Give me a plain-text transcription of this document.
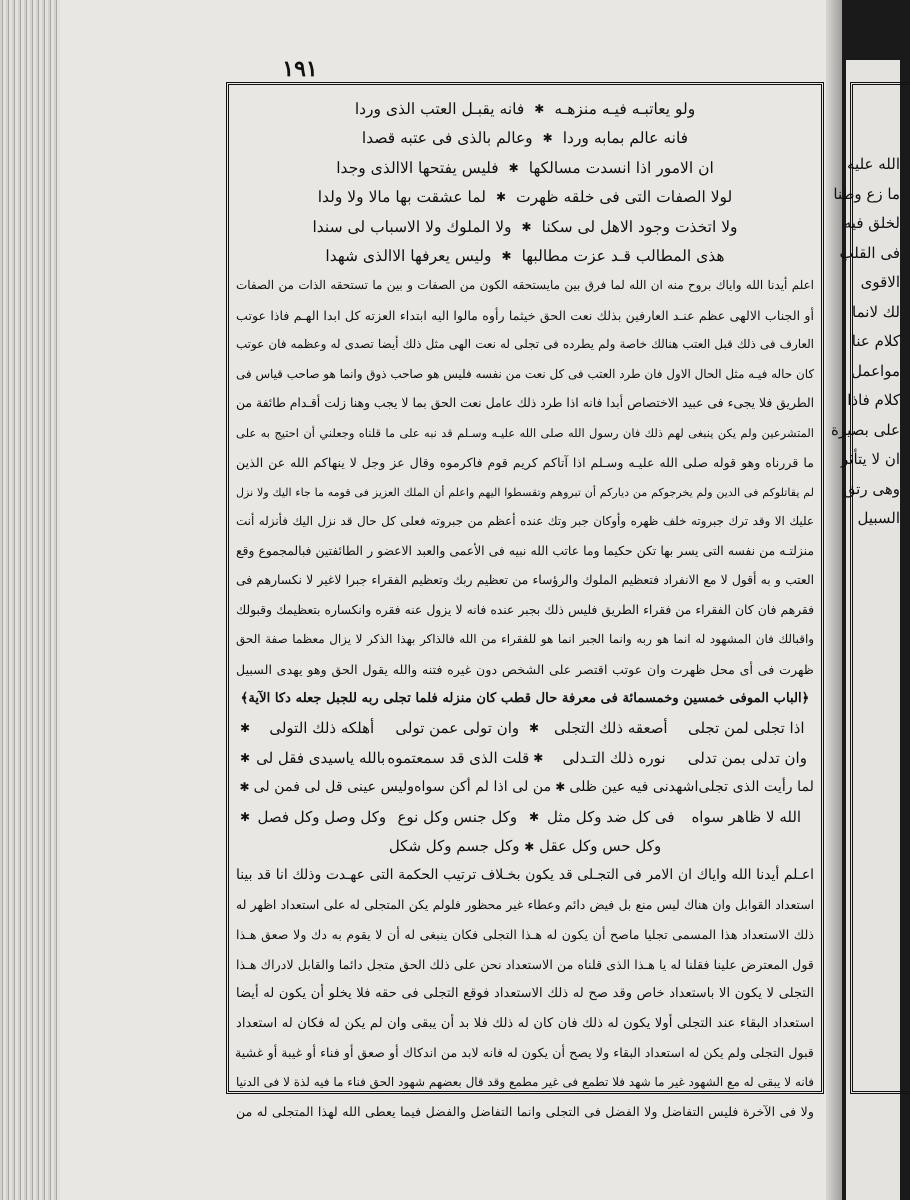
١٩١
ولو يعاتبـه فيـه منزهـه
✱
فانه يقبـل العتب الذى وردا
فانه عالم بمابه وردا
✱
وعالم بالذى فى عتبه قصدا
ان الامور اذا انسدت مسالكها
✱
فليس يفتحها الاالذى وجدا
لولا الصفات التى فى خلقه ظهرت
✱
لما عشقت بها مالا ولا ولدا
ولا اتخذت وجود الاهل لى سكنا
✱
ولا الملوك ولا الاسباب لى سندا
هذى المطالب قـد عزت مطالبها
✱
وليس يعرفها الاالذى شهدا
اعلم أيدنا الله واياك بروح منه ان الله لما فرق بين مايستحقه الكون من الصفات و بين ما تستحقه الذات من الصفات
أو الجناب الالهى عظم عنـد العارفين بذلك نعت الحق خيثما رأوه مالوا اليه ابتداء العزته كل ابدا الهـم فاذا عوتب
العارف فى ذلك قبل العتب هنالك خاصة ولم يطرده فى تجلى له نعت الهى مثل ذلك أيضا تصدى له وعظمه فان عوتب
كان حاله فيـه مثل الحال الاول فان طرد العتب فى كل نعت من نفسه فليس هو صاحب ذوق وانما هو صاحب قياس فى
الطريق فلا يجىء فى عبيد الاختصاص أبدا فانه اذا طرد ذلك عامل نعت الحق بما لا يجب وهنا زلت أقـدام طائفة من
المتشرعين ولم يكن ينبغى لهم ذلك فان رسول الله صلى الله عليـه وسـلم قد نبه على ما قلناه وجعلني أن احتيج به على
ما قررناه وهو قوله صلى الله عليـه وسـلم اذا آتاكم كريم قوم فاكرموه وقال عز وجل لا ينهاكم الله عن الذين
لم يقاتلوكم فى الدين ولم يخرجوكم من دياركم أن تبروهم وتقسطوا اليهم واعلم أن الملك العزيز فى قومه ما جاء اليك ولا نزل
عليك الا وقد ترك جبروته خلف ظهره وأوكان جبر وتك عنده أعظم من جبروته فعلى كل حال قد نزل اليك فأنزله أنت
منزلتـه من نفسه التى يسر بها تكن حكيما وما عاتب الله نبيه فى الأعمى والعبد الاعضو ر الطائفتين فبالمجموع وقع
العتب و به أقول لا مع الانفراد فتعظيم الملوك والرؤساء من تعظيم ربك وتعظيم الفقراء جبرا لاغير لا نكسارهم فى
فقرهم فان كان الفقراء من فقراء الطريق فليس ذلك بجبر عنده فانه لا يزول عنه فقره وانكساره بتعظيمك وقبولك
واقبالك فان المشهود له انما هو ربه وانما الجبر انما هو للفقراء من الله فالذاكر بهذا الذكر لا يزال معظما صفة الحق
ظهرت فى أى محل ظهرت وان عوتب اقتصر على الشخص دون غيره فتنه والله يقول الحق وهو يهدى السبيل
﴿الباب الموفى خمسين وخمسمائة فى معرفة حال قطب كان منزله فلما تجلى ربه للجبل جعله دكا الآية﴾
اذا تجلى لمن تجلى
أصعقه ذلك التجلى
✱
وان تولى عمن تولى
أهلكه ذلك التولى
✱
وان تدلى بمن تدلى
نوره ذلك التـدلى
✱
قلت الذى قد سمعتموه
بالله ياسيدى فقل لى
✱
لما رأيت الذى تجلى
اشهدنى فيه عين ظلى
✱
من لى اذا لم أكن سواه
وليس عينى قل لى فمن لى
✱
الله لا ظاهر سواه
فى كل ضد وكل مثل
✱
وكل جنس وكل نوع
وكل وصل وكل فصل
✱
وكل حس وكل عقل ✱ وكل جسم وكل شكل
اعـلم أيدنا الله واياك ان الامر فى التجـلى قد يكون بخـلاف ترتيب الحكمة التى عهـدت وذلك انا قد بينا
استعداد القوابل وان هناك ليس منع بل فيض دائم وعطاء غير محظور فلولم يكن المتجلى له على استعداد اظهر له
ذلك الاستعداد هذا المسمى تجليا ماصح أن يكون له هـذا التجلى فكان ينبغى له أن لا يقوم به دك ولا صعق هـذا
قول المعترض علينا فقلنا له يا هـذا الذى قلناه من الاستعداد نحن على ذلك الحق متجل دائما والقابل لادراك هـذا
التجلى لا يكون الا باستعداد خاص وقد صح له ذلك الاستعداد فوقع التجلى فى حقه فلا يخلو أن يكون له أيضا
استعداد البقاء عند التجلى أولا يكون له ذلك فان كان له ذلك فلا بد أن يبقى وان لم يكن له فكان له استعداد
قبول التجلى ولم يكن له استعداد البقاء ولا يصح أن يكون له فانه لابد من اندكاك أو صعق أو فناء أو غيبة أو غشية
فانه لا يبقى له مع الشهود غير ما شهد فلا تطمع فى غير مطمع وقد قال بعضهم شهود الحق فناء ما فيه لذة لا فى الدنيا
ولا فى الآخرة فليس التفاضل ولا الفضل فى التجلى وانما التفاضل والفضل فيما يعطى الله لهذا المتجلى له من
الله عليه
ما زع وطنا
لخلق فيه
فى القلب
الاقوى
لك لانما
كلام عنا
مواعمل
كلام فاذا
على بصيرة
ان لا يتأثر
وهى رتق
السبيل
